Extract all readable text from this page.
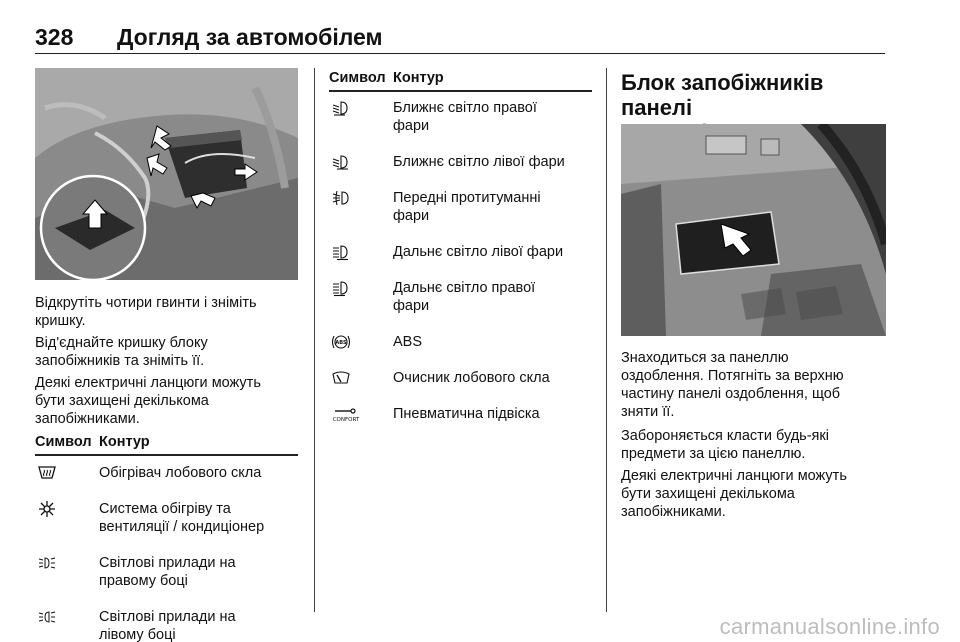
328 Догляд за автомобілем
Відкрутіть чотири гвинти і зніміть
кришку.
Від'єднайте кришку блоку
запобіжників та зніміть її.
Деякі електричні ланцюги можуть
бути захищені декількома
запобіжниками.
Символ Контур
Обігрівач лобового скла
Система обігріву та
вентиляції / кондиціонер
Світлові прилади на
правому боці
Світлові прилади на
лівому боці
Символ Контур
Ближнє світло правої
фари
Ближнє світло лівої фари
Передні протитуманні
фари
Дальнє світло лівої фари
Дальнє світло правої
фари
ABS	ABS
Очисник лобового скла
CONFORT Пневматична підвіска
Блок запобіжників панелі
Знаходиться за панеллю
оздоблення. Потягніть за верхню
частину панелі оздоблення, щоб
зняти її.
Забороняється класти будь-які
предмети за цією панеллю.
Деякі електричні ланцюги можуть
бути захищені декількома
запобіжниками.
carmanualsonline.info
